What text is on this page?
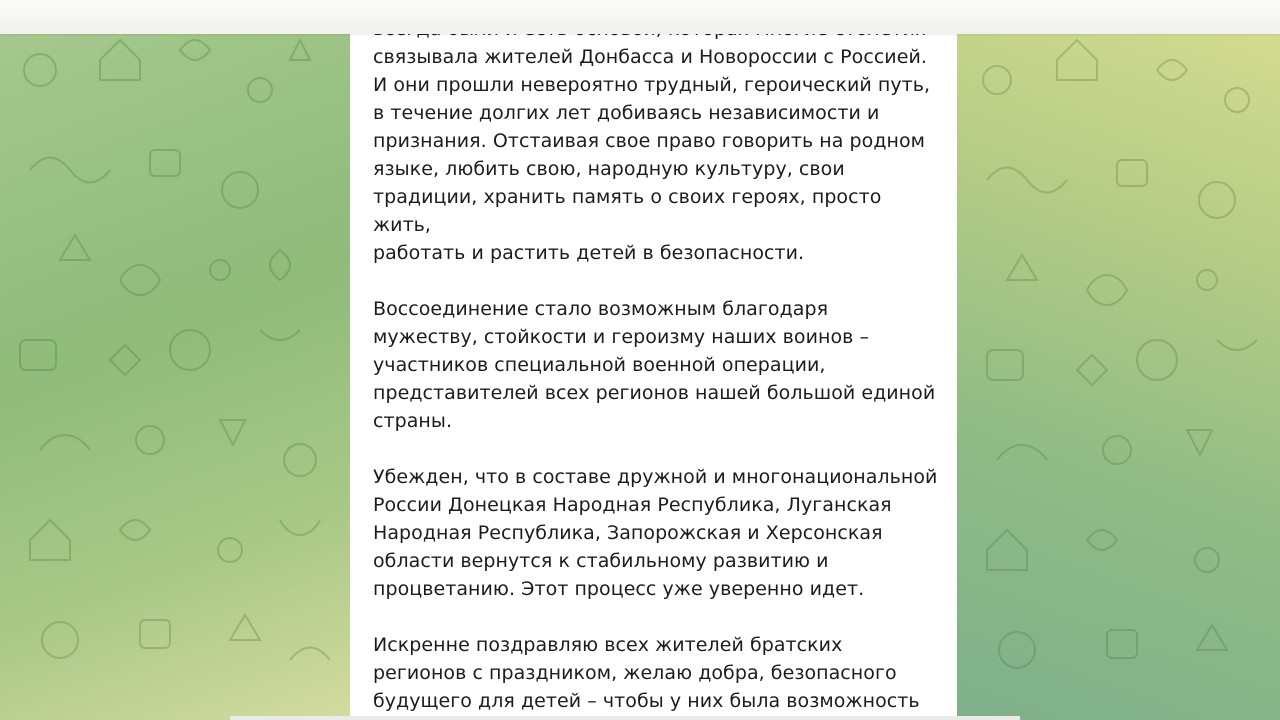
связывала жителей Донбасса и Новороссии с Россией.
И они прошли невероятно трудный, героический путь,
в течение долгих лет добиваясь независимости и
признания. Отстаивая свое право говорить на родном
языке, любить свою, народную культуру, свои
традиции, хранить память о своих героях, просто жить,
работать и растить детей в безопасности.

Воссоединение стало возможным благодаря
мужеству, стойкости и героизму наших воинов –
участников специальной военной операции,
представителей всех регионов нашей большой единой
страны.

Убежден, что в составе дружной и многонациональной
России Донецкая Народная Республика, Луганская
Народная Республика, Запорожская и Херсонская
области вернутся к стабильному развитию и
процветанию. Этот процесс уже уверенно идет.

Искренне поздравляю всех жителей братских
регионов с праздником, желаю добра, безопасного
будущего для детей – чтобы у них была возможность
